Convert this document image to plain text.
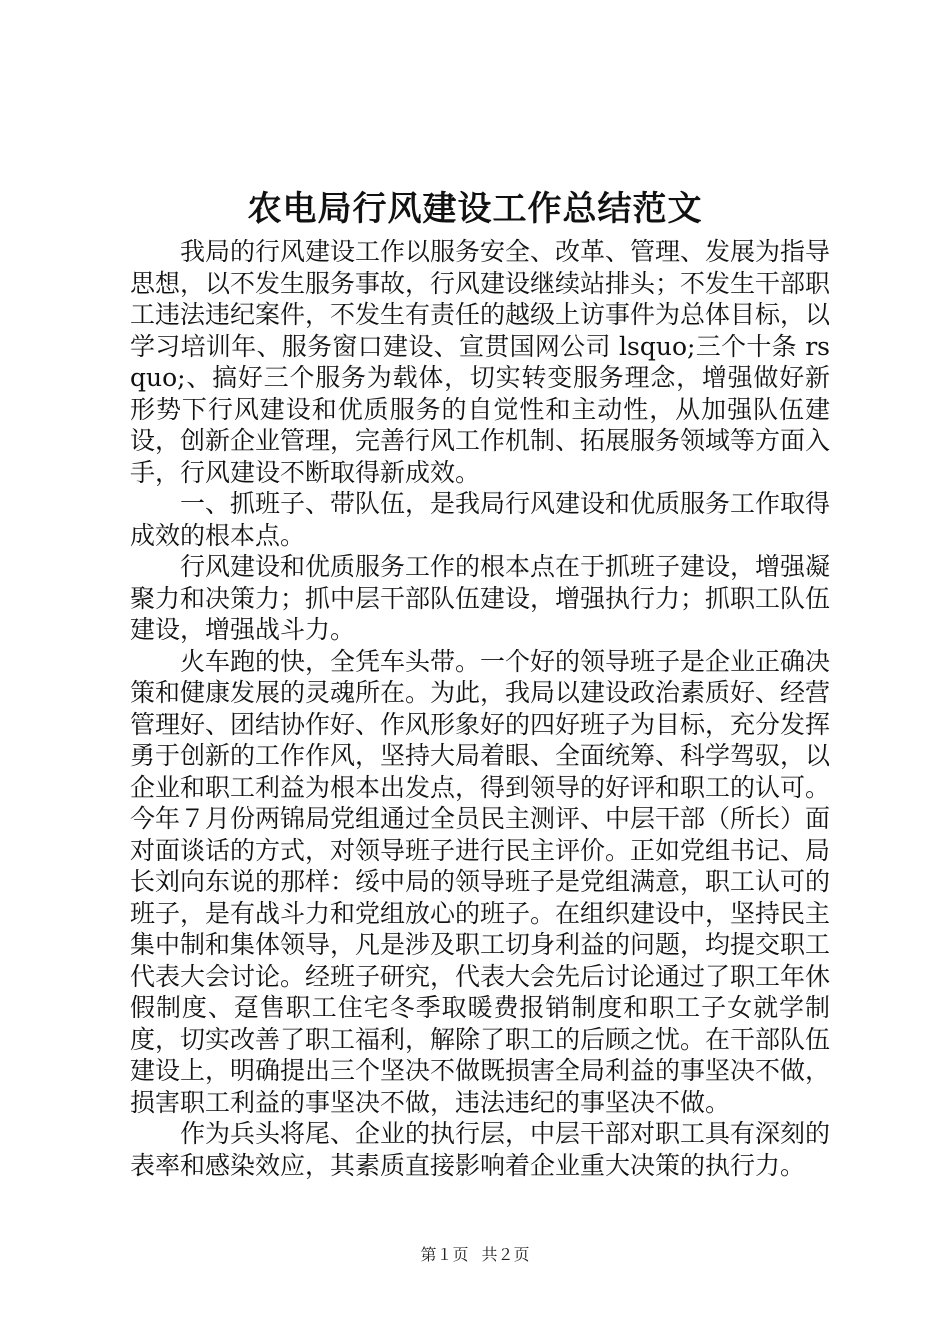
农电局行风建设工作总结范文

我局的行风建设工作以服务安全、改革、管理、发展为指导思想，以不发生服务事故，行风建设继续站排头；不发生干部职工违法违纪案件，不发生有责任的越级上访事件为总体目标，以学习培训年、服务窗口建设、宣贯国网公司 lsquo;三个十条 rsquo;、搞好三个服务为载体，切实转变服务理念，增强做好新形势下行风建设和优质服务的自觉性和主动性，从加强队伍建设，创新企业管理，完善行风工作机制、拓展服务领域等方面入手，行风建设不断取得新成效。

一、抓班子、带队伍，是我局行风建设和优质服务工作取得成效的根本点。

行风建设和优质服务工作的根本点在于抓班子建设，增强凝聚力和决策力；抓中层干部队伍建设，增强执行力；抓职工队伍建设，增强战斗力。

火车跑的快，全凭车头带。一个好的领导班子是企业正确决策和健康发展的灵魂所在。为此，我局以建设政治素质好、经营管理好、团结协作好、作风形象好的四好班子为目标，充分发挥勇于创新的工作作风，坚持大局着眼、全面统筹、科学驾驭，以企业和职工利益为根本出发点，得到领导的好评和职工的认可。今年７月份两锦局党组通过全员民主测评、中层干部（所长）面对面谈话的方式，对领导班子进行民主评价。正如党组书记、局长刘向东说的那样：绥中局的领导班子是党组满意，职工认可的班子，是有战斗力和党组放心的班子。在组织建设中，坚持民主集中制和集体领导，凡是涉及职工切身利益的问题，均提交职工代表大会讨论。经班子研究，代表大会先后讨论通过了职工年休假制度、趸售职工住宅冬季取暖费报销制度和职工子女就学制度，切实改善了职工福利，解除了职工的后顾之忧。在干部队伍建设上，明确提出三个坚决不做既损害全局利益的事坚决不做，损害职工利益的事坚决不做，违法违纪的事坚决不做。

作为兵头将尾、企业的执行层，中层干部对职工具有深刻的表率和感染效应，其素质直接影响着企业重大决策的执行力。

第１页 共２页
